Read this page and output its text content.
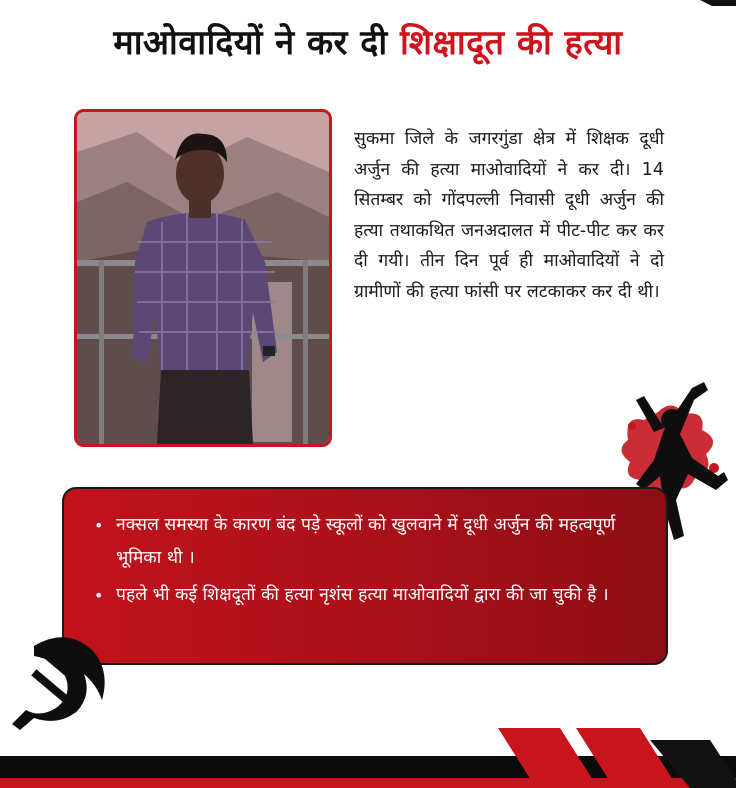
माओवादियों ने कर दी शिक्षादूत की हत्या
सुकमा जिले के जगरगुंडा क्षेत्र में शिक्षक दूधी अर्जुन की हत्या माओवादियों ने कर दी। 14 सितम्बर को गोंदपल्ली निवासी दूधी अर्जुन की हत्या तथाकथित जनअदालत में पीट-पीट कर कर दी गयी। तीन दिन पूर्व ही माओवादियों ने दो ग्रामीणों की हत्या फांसी पर लटकाकर कर दी थी।
• नक्सल समस्या के कारण बंद पड़े स्कूलों को खुलवाने में दूधी अर्जुन की महत्वपूर्ण भूमिका थी ।
• पहले भी कई शिक्षदूतों की हत्या नृशंस हत्या माओवादियों द्वारा की जा चुकी है ।
